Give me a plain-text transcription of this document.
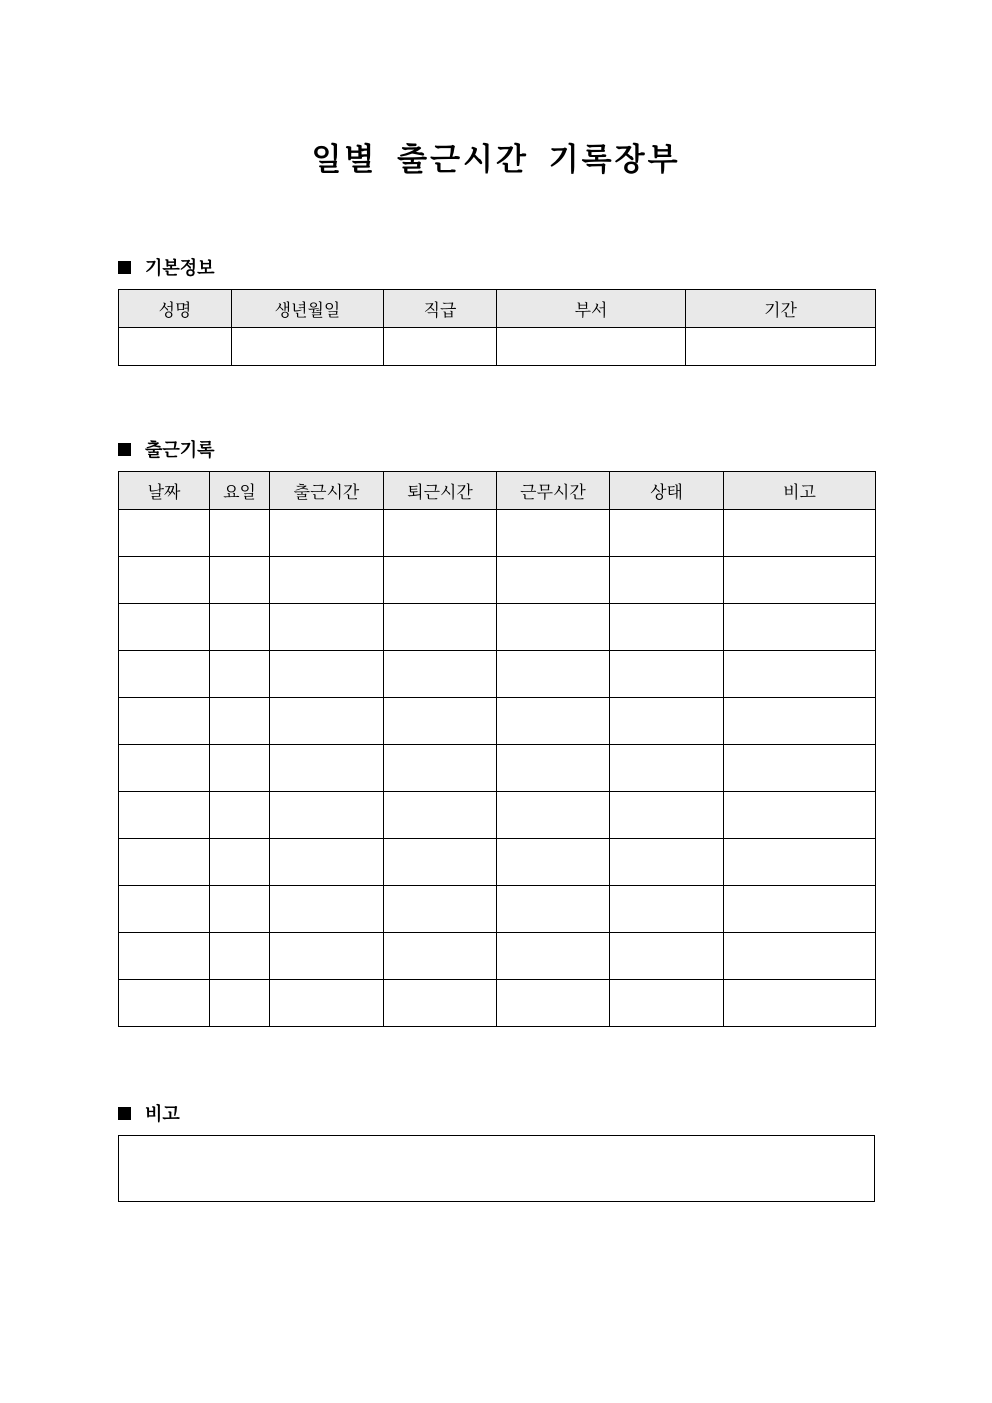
일별 출근시간 기록장부
기본정보
성명	생년월일	직급	부서	기간

출근기록
날짜	요일	출근시간	퇴근시간	근무시간	상태	비고

비고
